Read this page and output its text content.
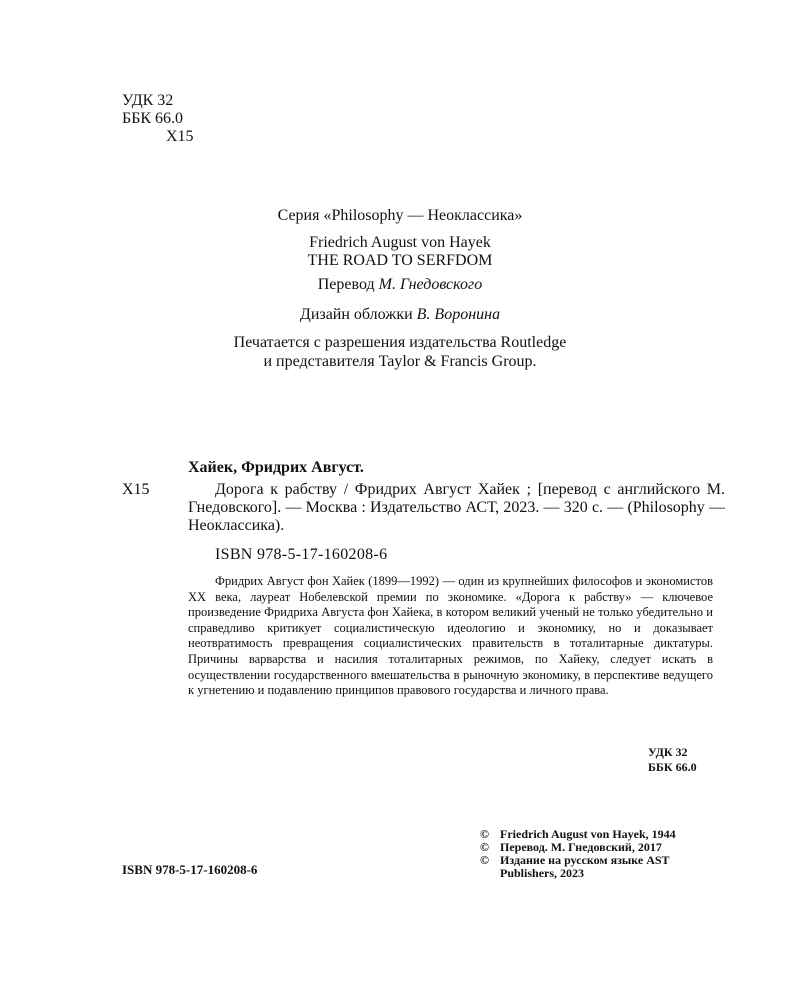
УДК 32
ББК 66.0
Х15
Серия «Philosophy — Неоклассика»
Friedrich August von Hayek
THE ROAD TO SERFDOM
Перевод М. Гнедовского
Дизайн обложки В. Воронина
Печатается с разрешения издательства Routledge
и представителя Taylor & Francis Group.
Хайек, Фридрих Август.
Х15	Дорога к рабству / Фридрих Август Хайек ; [перевод с английского М. Гнедовского]. — Москва : Издательство АСТ, 2023. — 320 с. — (Philosophy — Неоклассика).

ISBN 978-5-17-160208-6

Фридрих Август фон Хайек (1899—1992) — один из крупнейших философов и экономистов XX века, лауреат Нобелевской премии по экономике. «Дорога к рабству» — ключевое произведение Фридриха Августа фон Хайека, в котором великий ученый не только убедительно и справедливо критикует социалистическую идеологию и экономику, но и доказывает неотвратимость превращения социалистических правительств в тоталитарные диктатуры. Причины варварства и насилия тоталитарных режимов, по Хайеку, следует искать в осуществлении государственного вмешательства в рыночную экономику, в перспективе ведущего к угнетению и подавлению принципов правового государства и личного права.

УДК 32
ББК 66.0
© Friedrich August von Hayek, 1944
© Перевод. М. Гнедовский, 2017
© Издание на русском языке AST
Publishers, 2023
ISBN 978-5-17-160208-6
